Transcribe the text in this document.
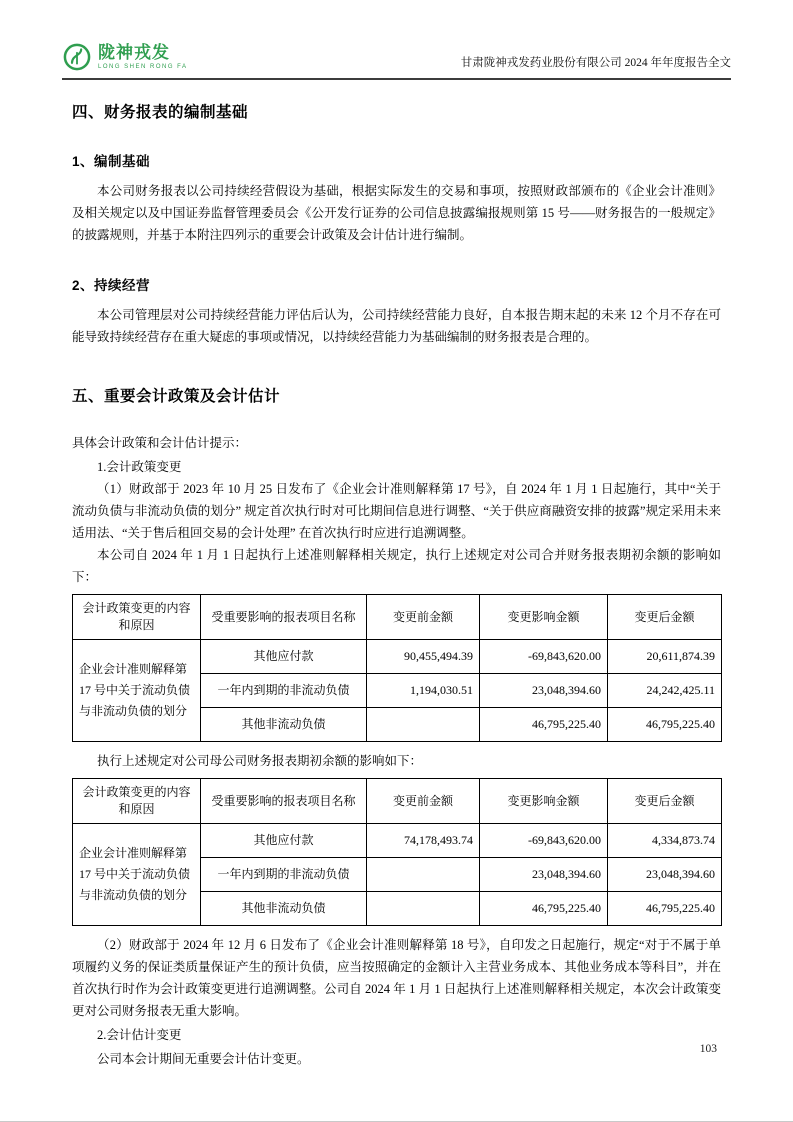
陇神戎发
LONG SHEN RONG FA	甘肃陇神戎发药业股份有限公司 2024 年年度报告全文
四、财务报表的编制基础
1、编制基础

本公司财务报表以公司持续经营假设为基础，根据实际发生的交易和事项，按照财政部颁布的《企业会计准则》及相关规定以及中国证券监督管理委员会《公开发行证券的公司信息披露编报规则第 15 号——财务报告的一般规定》的披露规则，并基于本附注四列示的重要会计政策及会计估计进行编制。

2、持续经营

本公司管理层对公司持续经营能力评估后认为，公司持续经营能力良好，自本报告期末起的未来 12 个月不存在可能导致持续经营存在重大疑虑的事项或情况，以持续经营能力为基础编制的财务报表是合理的。

五、重要会计政策及会计估计

具体会计政策和会计估计提示：

1.会计政策变更

（1）财政部于 2023 年 10 月 25 日发布了《企业会计准则解释第 17 号》，自 2024 年 1 月 1 日起施行，其中“关于流动负债与非流动负债的划分” 规定首次执行时对可比期间信息进行调整、“关于供应商融资安排的披露”规定采用未来适用法、“关于售后租回交易的会计处理” 在首次执行时应进行追溯调整。

本公司自 2024 年 1 月 1 日起执行上述准则解释相关规定，执行上述规定对公司合并财务报表期初余额的影响如下：

会计政策变更的内容和原因	受重要影响的报表项目名称	变更前金额	变更影响金额	变更后金额
企业会计准则解释第 17 号中关于流动负债与非流动负债的划分	其他应付款	90,455,494.39	-69,843,620.00	20,611,874.39
	一年内到期的非流动负债	1,194,030.51	23,048,394.60	24,242,425.11
	其他非流动负债		46,795,225.40	46,795,225.40

执行上述规定对公司母公司财务报表期初余额的影响如下：

会计政策变更的内容和原因	受重要影响的报表项目名称	变更前金额	变更影响金额	变更后金额
企业会计准则解释第 17 号中关于流动负债与非流动负债的划分	其他应付款	74,178,493.74	-69,843,620.00	4,334,873.74
	一年内到期的非流动负债		23,048,394.60	23,048,394.60
	其他非流动负债		46,795,225.40	46,795,225.40

（2）财政部于 2024 年 12 月 6 日发布了《企业会计准则解释第 18 号》，自印发之日起施行，规定“对于不属于单项履约义务的保证类质量保证产生的预计负债，应当按照确定的金额计入主营业务成本、其他业务成本等科目”，并在首次执行时作为会计政策变更进行追溯调整。公司自 2024 年 1 月 1 日起执行上述准则解释相关规定，本次会计政策变更对公司财务报表无重大影响。

2.会计估计变更

公司本会计期间无重要会计估计变更。

103
